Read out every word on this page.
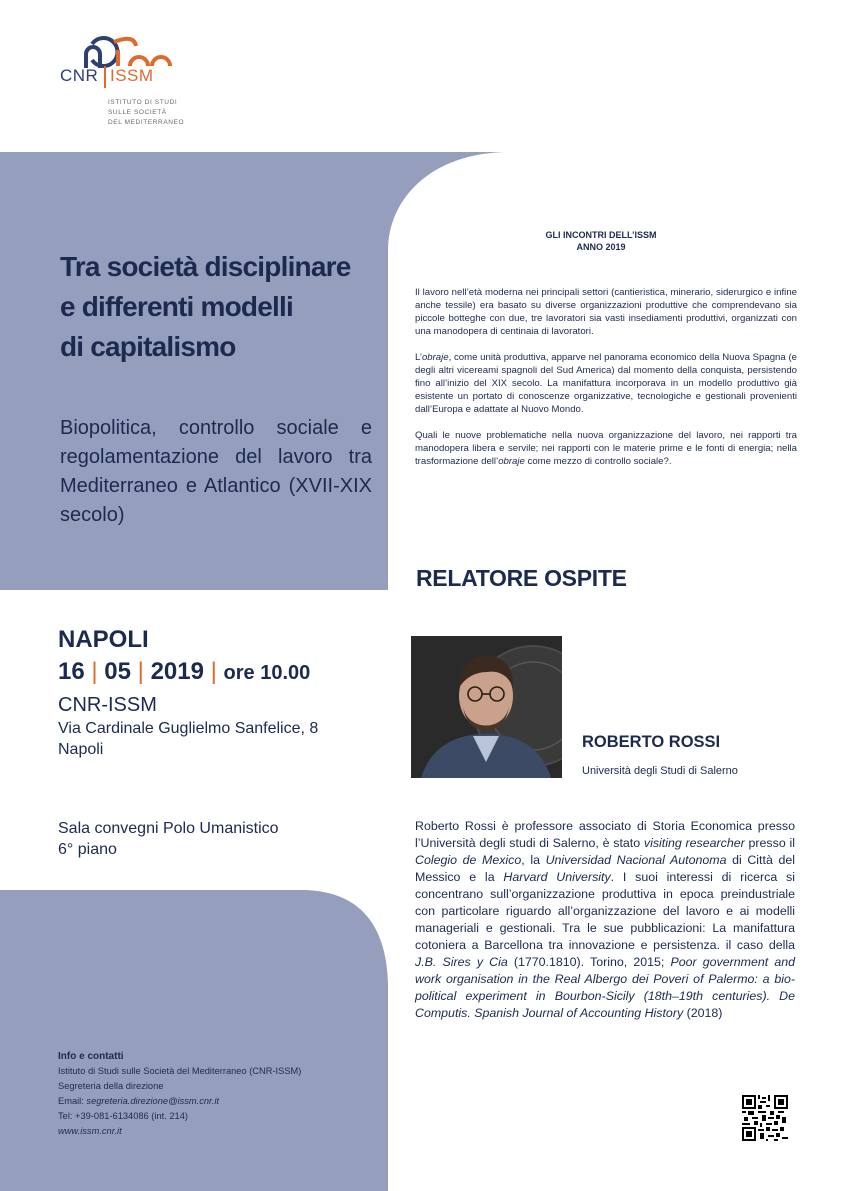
CNR ISSM
ISTITUTO DI STUDI
SULLE SOCIETÀ
DEL MEDITERRANEO
Tra società disciplinare
e differenti modelli
di capitalismo
Biopolitica, controllo sociale e regolamentazione del lavoro tra Mediterraneo e Atlantico (XVII-XIX secolo)
GLI INCONTRI DELL’ISSM
ANNO 2019

Il lavoro nell’età moderna nei principali settori (cantieristica, minerario, siderurgico e infine anche tessile) era basato su diverse organizzazioni produttive che comprendevano sia piccole botteghe con due, tre lavoratori sia vasti insediamenti produttivi, organizzati con una manodopera di centinaia di lavoratori.

L’obraje, come unità produttiva, apparve nel panorama economico della Nuova Spagna (e degli altri vicereami spagnoli del Sud America) dal momento della conquista, persistendo fino all’inizio del XIX secolo. La manifattura incorporava in un modello produttivo già esistente un portato di conoscenze organizzative, tecnologiche e gestionali provenienti dall’Europa e adattate al Nuovo Mondo.

Quali le nuove problematiche nella nuova organizzazione del lavoro, nei rapporti tra manodopera libera e servile; nei rapporti con le materie prime e le fonti di energia; nella trasformazione dell’obraje come mezzo di controllo sociale?.

RELATORE OSPITE
NAPOLI
16 | 05 | 2019 | ore 10.00
CNR-ISSM
Via Cardinale Guglielmo Sanfelice, 8
Napoli
Sala convegni Polo Umanistico
6° piano
ROBERTO ROSSI
Università degli Studi di Salerno
Roberto Rossi è professore associato di Storia Economica presso l’Università degli studi di Salerno, è stato visiting researcher presso il Colegio de Mexico, la Universidad Nacional Autonoma di Città del Messico e la Harvard University. I suoi interessi di ricerca si concentrano sull’organizzazione produttiva in epoca preindustriale con particolare riguardo all’organizzazione del lavoro e ai modelli manageriali e gestionali. Tra le sue pubblicazioni: La manifattura cotoniera a Barcellona tra innovazione e persistenza. il caso della J.B. Sires y Cia (1770.1810). Torino, 2015; Poor government and work organisation in the Real Albergo dei Poveri of Palermo: a bio-political experiment in Bourbon-Sicily (18th–19th centuries). De Computis. Spanish Journal of Accounting History (2018)
Info e contatti
Istituto di Studi sulle Società del Mediterraneo (CNR-ISSM)
Segreteria della direzione
Email: segreteria.direzione@issm.cnr.it
Tel: +39-081-6134086 (int. 214)
www.issm.cnr.it
